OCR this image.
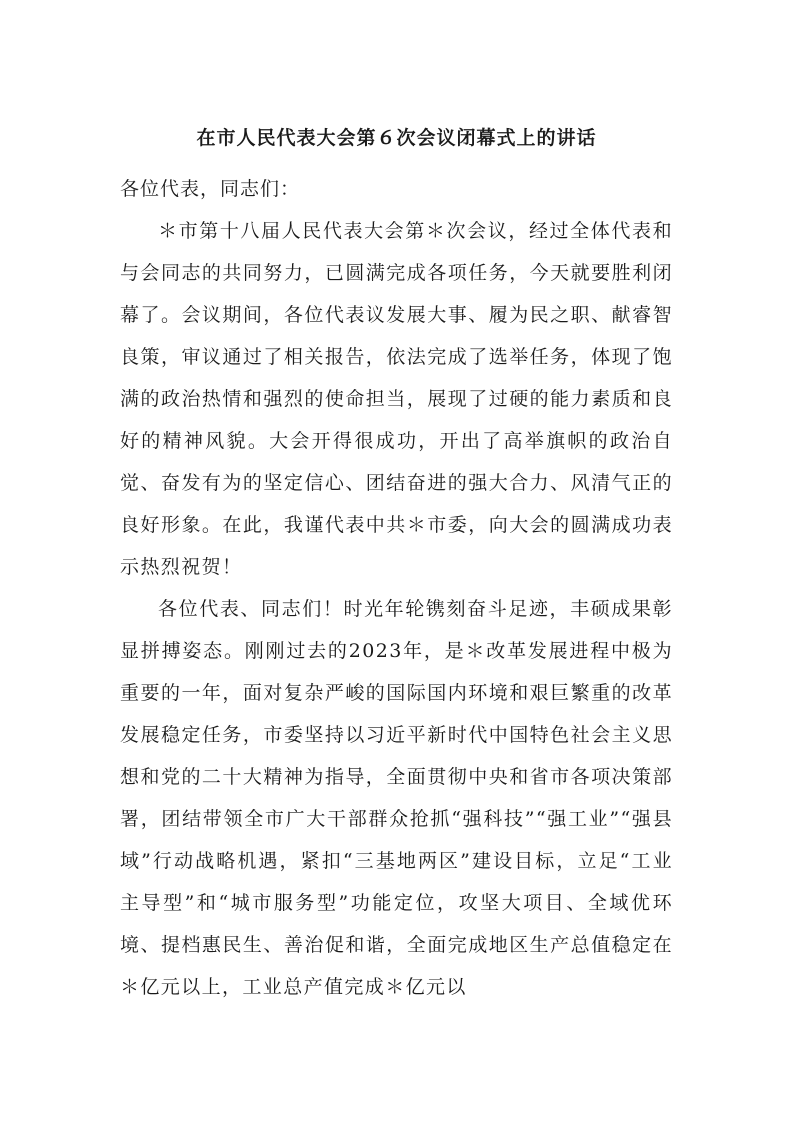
在市人民代表大会第６次会议闭幕式上的讲话

各位代表，同志们：

＊市第十八届人民代表大会第＊次会议，经过全体代表和与会同志的共同努力，已圆满完成各项任务，今天就要胜利闭幕了。会议期间，各位代表议发展大事、履为民之职、献睿智良策，审议通过了相关报告，依法完成了选举任务，体现了饱满的政治热情和强烈的使命担当，展现了过硬的能力素质和良好的精神风貌。大会开得很成功，开出了高举旗帜的政治自觉、奋发有为的坚定信心、团结奋进的强大合力、风清气正的良好形象。在此，我谨代表中共＊市委，向大会的圆满成功表示热烈祝贺！

各位代表、同志们！时光年轮镌刻奋斗足迹，丰硕成果彰显拼搏姿态。刚刚过去的2023年，是＊改革发展进程中极为重要的一年，面对复杂严峻的国际国内环境和艰巨繁重的改革发展稳定任务，市委坚持以习近平新时代中国特色社会主义思想和党的二十大精神为指导，全面贯彻中央和省市各项决策部署，团结带领全市广大干部群众抢抓“强科技”“强工业”“强县域”行动战略机遇，紧扣“三基地两区”建设目标，立足“工业主导型”和“城市服务型”功能定位，攻坚大项目、全域优环境、提档惠民生、善治促和谐，全面完成地区生产总值稳定在＊亿元以上，工业总产值完成＊亿元以
